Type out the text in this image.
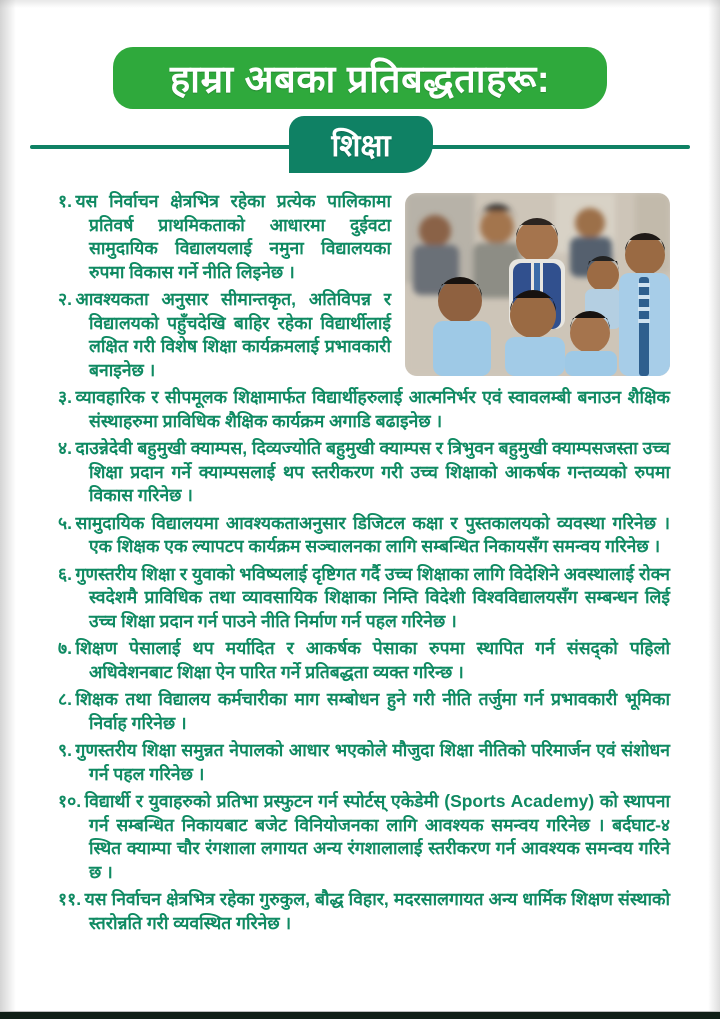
हाम्रा अबका प्रतिबद्धताहरू:
शिक्षा
१.  यस निर्वाचन क्षेत्रभित्र रहेका प्रत्येक पालिकामा प्रतिवर्ष प्राथमिकताको आधारमा दुईवटा सामुदायिक विद्यालयलाई नमुना विद्यालयका रुपमा विकास गर्ने नीति लिइनेछ ।
२.  आवश्यकता अनुसार सीमान्तकृत, अतिविपन्न र विद्यालयको पहुँचदेखि बाहिर रहेका विद्यार्थीलाई लक्षित गरी विशेष शिक्षा कार्यक्रमलाई प्रभावकारी बनाइनेछ ।
३.  व्यावहारिक र सीपमूलक शिक्षामार्फत विद्यार्थीहरुलाई आत्मनिर्भर एवं स्वावलम्बी बनाउन शैक्षिक संस्थाहरुमा प्राविधिक शैक्षिक कार्यक्रम अगाडि बढाइनेछ ।
४.  दाउन्नेदेवी बहुमुखी क्याम्पस, दिव्यज्योति बहुमुखी क्याम्पस र त्रिभुवन बहुमुखी क्याम्पसजस्ता उच्च शिक्षा प्रदान गर्ने क्याम्पसलाई थप स्तरीकरण गरी उच्च शिक्षाको आकर्षक गन्तव्यको रुपमा विकास गरिनेछ ।
५.  सामुदायिक विद्यालयमा आवश्यकताअनुसार डिजिटल कक्षा र पुस्तकालयको व्यवस्था गरिनेछ । एक शिक्षक एक ल्यापटप कार्यक्रम सञ्चालनका लागि सम्बन्धित निकायसँग समन्वय गरिनेछ ।
६.  गुणस्तरीय शिक्षा र युवाको भविष्यलाई दृष्टिगत गर्दै उच्च शिक्षाका लागि विदेशिने अवस्थालाई रोक्न स्वदेशमै प्राविधिक तथा व्यावसायिक शिक्षाका निम्ति विदेशी विश्वविद्यालयसँग सम्बन्धन लिई उच्च शिक्षा प्रदान गर्न पाउने नीति निर्माण गर्न पहल गरिनेछ ।
७.  शिक्षण पेसालाई थप मर्यादित र आकर्षक पेसाका रुपमा स्थापित गर्न संसद्को पहिलो अधिवेशनबाट शिक्षा ऐन पारित गर्ने प्रतिबद्धता व्यक्त गरिन्छ ।
८.  शिक्षक तथा विद्यालय कर्मचारीका माग सम्बोधन हुने गरी नीति तर्जुमा गर्न प्रभावकारी भूमिका निर्वाह गरिनेछ ।
९.  गुणस्तरीय शिक्षा समुन्नत नेपालको आधार भएकोले मौजुदा शिक्षा नीतिको परिमार्जन एवं संशोधन गर्न पहल गरिनेछ ।
१०.  विद्यार्थी र युवाहरुको प्रतिभा प्रस्फुटन गर्न स्पोर्टस् एकेडेमी (Sports Academy) को स्थापना गर्न सम्बन्धित निकायबाट बजेट विनियोजनका लागि आवश्यक समन्वय गरिनेछ । बर्दघाट-४ स्थित क्याम्पा चौर रंगशाला लगायत अन्य रंगशालालाई स्तरीकरण गर्न आवश्यक समन्वय गरिने छ ।
११.  यस निर्वाचन क्षेत्रभित्र रहेका गुरुकुल, बौद्ध विहार, मदरसालगायत अन्य धार्मिक शिक्षण संस्थाको स्तरोन्नति गरी व्यवस्थित गरिनेछ ।
